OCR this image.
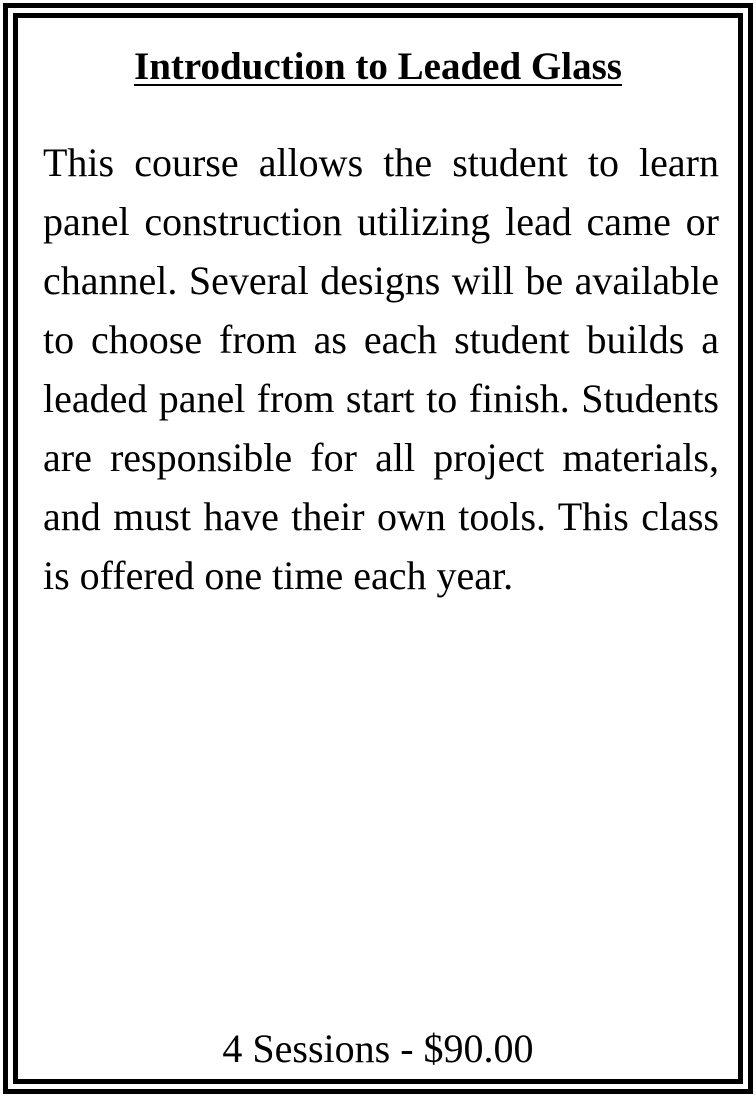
Introduction to Leaded Glass

This course allows the student to learn panel construction utilizing lead came or channel. Several designs will be available to choose from as each student builds a leaded panel from start to finish. Students are responsible for all project materials, and must have their own tools. This class is offered one time each year.

4 Sessions - $90.00
